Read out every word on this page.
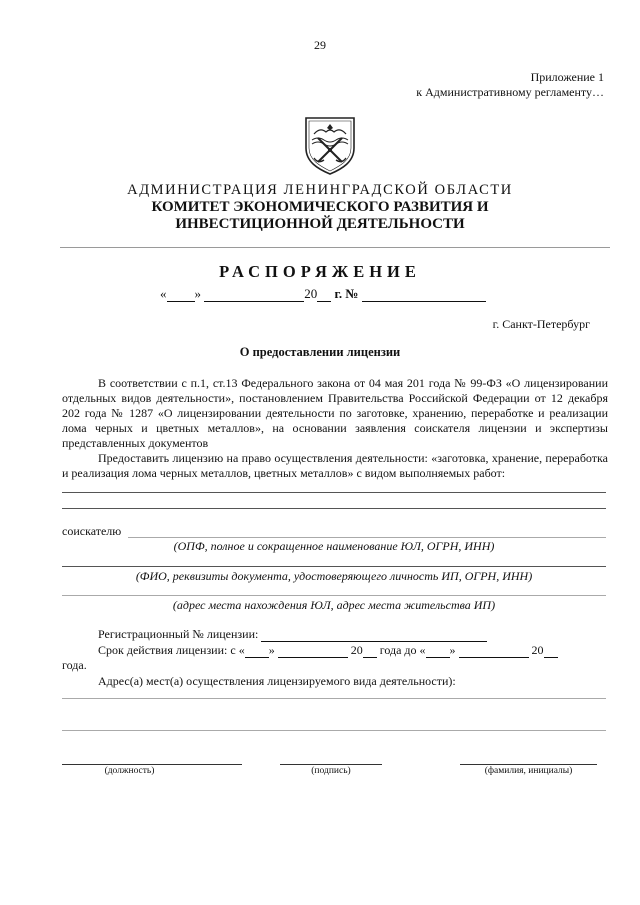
29
Приложение 1
к Административному регламенту…
АДМИНИСТРАЦИЯ ЛЕНИНГРАДСКОЙ ОБЛАСТИ
КОМИТЕТ ЭКОНОМИЧЕСКОГО РАЗВИТИЯ И
ИНВЕСТИЦИОННОЙ ДЕЯТЕЛЬНОСТИ
РАСПОРЯЖЕНИЕ
« »	20 г. №
г. Санкт-Петербург
О предоставлении лицензии

В соответствии с п.1, ст.13 Федерального закона от 04 мая 201 года № 99-ФЗ «О лицензировании отдельных видов деятельности», постановлением Правительства Российской Федерации от 12 декабря 202 года № 1287 «О лицензировании деятельности по заготовке, хранению, переработке и реализации лома черных и цветных металлов», на основании заявления соискателя лицензии и экспертизы представленных документов

Предоставить лицензию на право осуществления деятельности: «заготовка, хранение, переработка и реализация лома черных металлов, цветных металлов» с видом выполняемых работ:

соискателю
(ОПФ, полное и сокращенное наименование ЮЛ, ОГРН, ИНН)
(ФИО, реквизиты документа, удостоверяющего личность ИП, ОГРН, ИНН)
(адрес места нахождения ЮЛ, адрес места жительства ИП)
Регистрационный № лицензии:
Срок действия лицензии: с « »	20 года до « »	20
года.
Адрес(а) мест(а) осуществления лицензируемого вида деятельности):
(должность)	(подпись)	(фамилия, инициалы)
